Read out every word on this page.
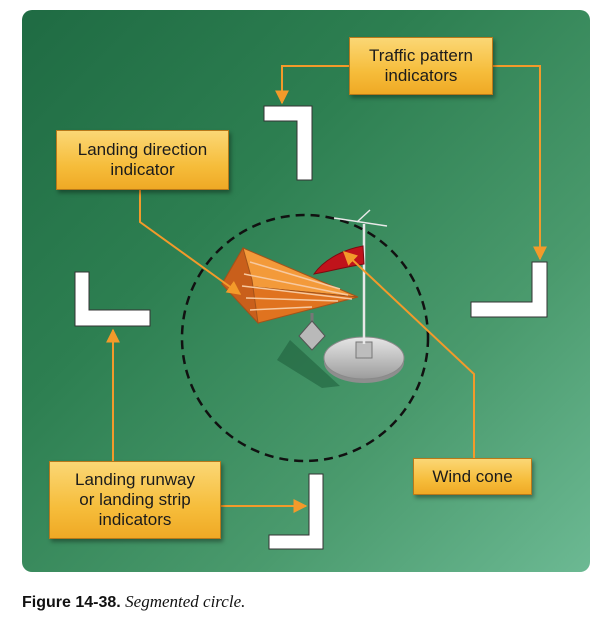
Traffic pattern
indicators
Landing direction
indicator
Landing runway
or landing strip
indicators
Wind cone
Figure 14-38. Segmented circle.
